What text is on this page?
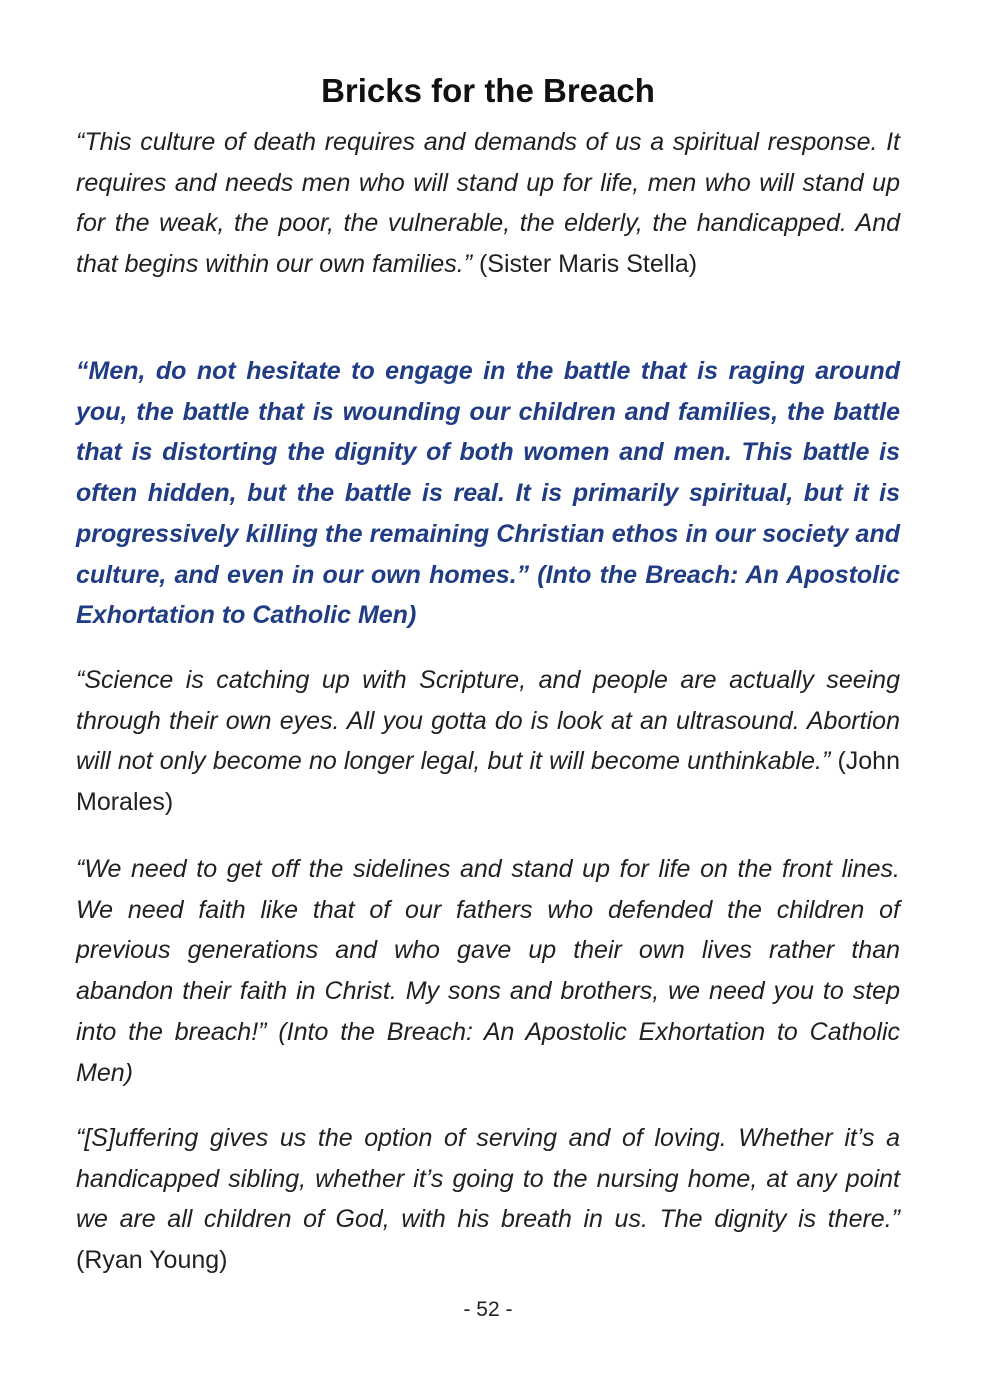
Bricks for the Breach

“This culture of death requires and demands of us a spiritual response. It requires and needs men who will stand up for life, men who will stand up for the weak, the poor, the vulnerable, the elderly, the handicapped. And that begins within our own families.” (Sister Maris Stella)

“Men, do not hesitate to engage in the battle that is raging around you, the battle that is wounding our children and families, the battle that is distorting the dignity of both women and men. This battle is often hidden, but the battle is real. It is primarily spiritual, but it is progressively killing the remaining Christian ethos in our society and culture, and even in our own homes.” (Into the Breach: An Apostolic Exhortation to Catholic Men)

“Science is catching up with Scripture, and people are actually seeing through their own eyes. All you gotta do is look at an ultrasound. Abortion will not only become no longer legal, but it will become unthinkable.” (John Morales)

“We need to get off the sidelines and stand up for life on the front lines. We need faith like that of our fathers who defended the children of previous generations and who gave up their own lives rather than abandon their faith in Christ. My sons and brothers, we need you to step into the breach!” (Into the Breach: An Apostolic Exhortation to Catholic Men)

“[S]uffering gives us the option of serving and of loving. Whether it’s a handicapped sibling, whether it’s going to the nursing home, at any point we are all children of God, with his breath in us. The dignity is there.” (Ryan Young)

- 52 -
